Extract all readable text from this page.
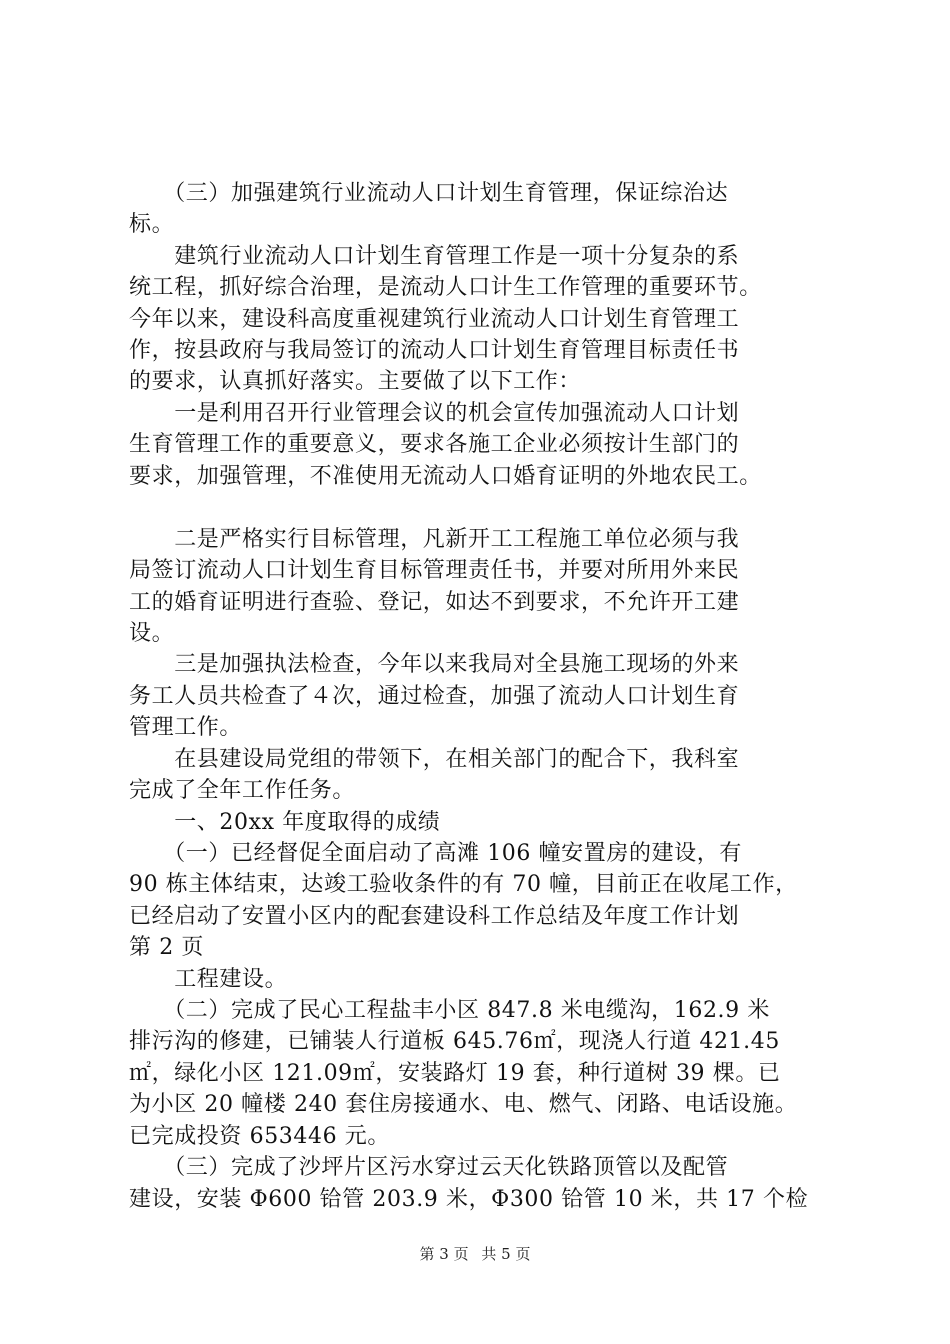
　　（三）加强建筑行业流动人口计划生育管理，保证综治达
标。
　　建筑行业流动人口计划生育管理工作是一项十分复杂的系
统工程，抓好综合治理，是流动人口计生工作管理的重要环节。
今年以来，建设科高度重视建筑行业流动人口计划生育管理工
作，按县政府与我局签订的流动人口计划生育管理目标责任书
的要求，认真抓好落实。主要做了以下工作：
　　一是利用召开行业管理会议的机会宣传加强流动人口计划
生育管理工作的重要意义，要求各施工企业必须按计生部门的
要求，加强管理，不准使用无流动人口婚育证明的外地农民工。
　　二是严格实行目标管理，凡新开工工程施工单位必须与我
局签订流动人口计划生育目标管理责任书，并要对所用外来民
工的婚育证明进行查验、登记，如达不到要求，不允许开工建
设。
　　三是加强执法检查，今年以来我局对全县施工现场的外来
务工人员共检查了４次，通过检查，加强了流动人口计划生育
管理工作。
　　在县建设局党组的带领下，在相关部门的配合下，我科室
完成了全年工作任务。
　　一、20xx 年度取得的成绩
　　（一）已经督促全面启动了高滩 106 幢安置房的建设，有
90 栋主体结束，达竣工验收条件的有 70 幢，目前正在收尾工作，
已经启动了安置小区内的配套建设科工作总结及年度工作计划
第 2 页
　　工程建设。
　　（二）完成了民心工程盐丰小区 847.8 米电缆沟，162.9 米
排污沟的修建，已铺装人行道板 645.76㎡，现浇人行道 421.45
㎡，绿化小区 121.09㎡，安装路灯 19 套，种行道树 39 棵。已
为小区 20 幢楼 240 套住房接通水、电、燃气、闭路、电话设施。
已完成投资 653446 元。
　　（三）完成了沙坪片区污水穿过云天化铁路顶管以及配管
建设，安装 Φ600 铪管 203.9 米，Φ300 铪管 10 米，共 17 个检
第 3 页 共 5 页
